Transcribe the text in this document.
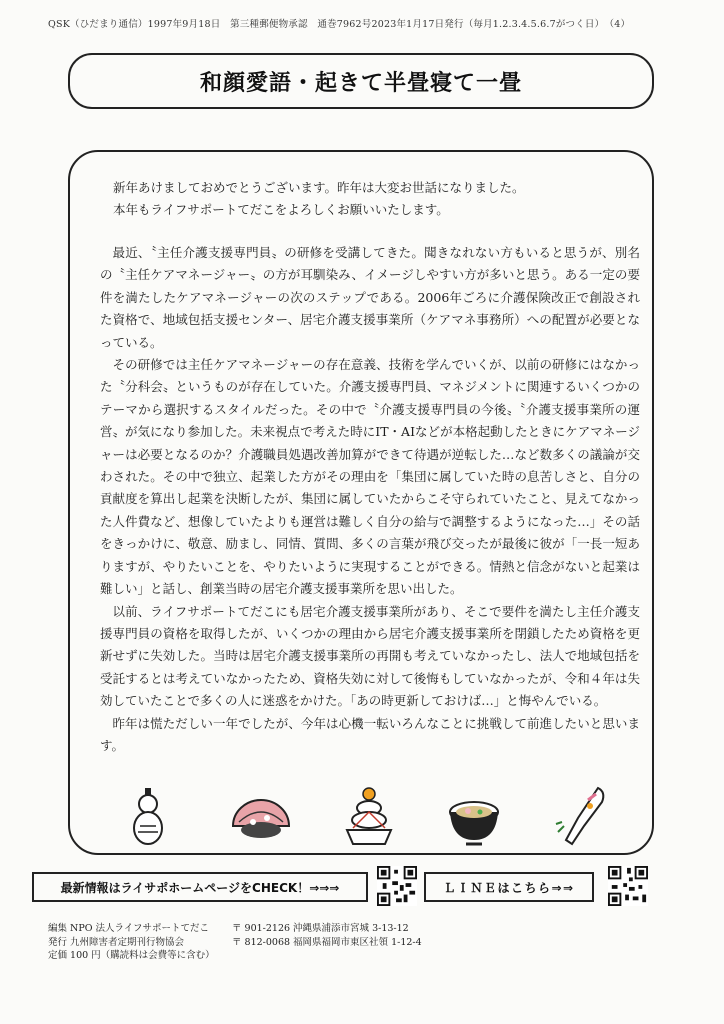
QSK（ひだまり通信）1997年9月18日　第三種郵便物承認　通巻7962号2023年1月17日発行（毎月1.2.3.4.5.6.7がつく日）　（4）
和顔愛語・起きて半畳寝て一畳

新年あけましておめでとうございます。昨年は大変お世話になりました。

本年もライフサポートてだこをよろしくお願いいたします。

最近、〝主任介護支援専門員〟の研修を受講してきた。聞きなれない方もいると思うが、別名の〝主任ケアマネージャー〟の方が耳馴染み、イメージしやすい方が多いと思う。ある一定の要件を満たしたケアマネージャーの次のステップである。2006年ごろに介護保険改正で創設された資格で、地域包括支援センター、居宅介護支援事業所（ケアマネ事務所）への配置が必要となっている。

その研修では主任ケアマネージャーの存在意義、技術を学んでいくが、以前の研修にはなかった〝分科会〟というものが存在していた。介護支援専門員、マネジメントに関連するいくつかのテーマから選択するスタイルだった。その中で〝介護支援専門員の今後〟〝介護支援事業所の運営〟が気になり参加した。未来視点で考えた時にIT・AIなどが本格起動したときにケアマネージャーは必要となるのか？介護職員処遇改善加算ができて待遇が逆転した…など数多くの議論が交わされた。その中で独立、起業した方がその理由を「集団に属していた時の息苦しさと、自分の貢献度を算出し起業を決断したが、集団に属していたからこそ守られていたこと、見えてなかった人件費など、想像していたよりも運営は難しく自分の給与で調整するようになった…」その話をきっかけに、敬意、励まし、同情、質問、多くの言葉が飛び交ったが最後に彼が「一長一短ありますが、やりたいことを、やりたいように実現することができる。情熱と信念がないと起業は難しい」と話し、創業当時の居宅介護支援事業所を思い出した。

以前、ライフサポートてだこにも居宅介護支援事業所があり、そこで要件を満たし主任介護支援専門員の資格を取得したが、いくつかの理由から居宅介護支援事業所を閉鎖したため資格を更新せずに失効した。当時は居宅介護支援事業所の再開も考えていなかったし、法人で地域包括を受託するとは考えていなかったため、資格失効に対して後悔もしていなかったが、令和４年は失効していたことで多くの人に迷惑をかけた。「あの時更新しておけば…」と悔やんでいる。

昨年は慌ただしい一年でしたが、今年は心機一転いろんなことに挑戦して前進したいと思います。

最新情報はライサポホームページをCHECK！⇒⇒⇒	ＬＩＮＥはこちら⇒⇒
編集 NPO 法人ライフサポートてだこ
発行 九州障害者定期刊行物協会
定価 100 円（購読料は会費等に含む）
〒 901-2126 沖縄県浦添市宮城 3-13-12
〒 812-0068 福岡県福岡市東区社領 1-12-4
